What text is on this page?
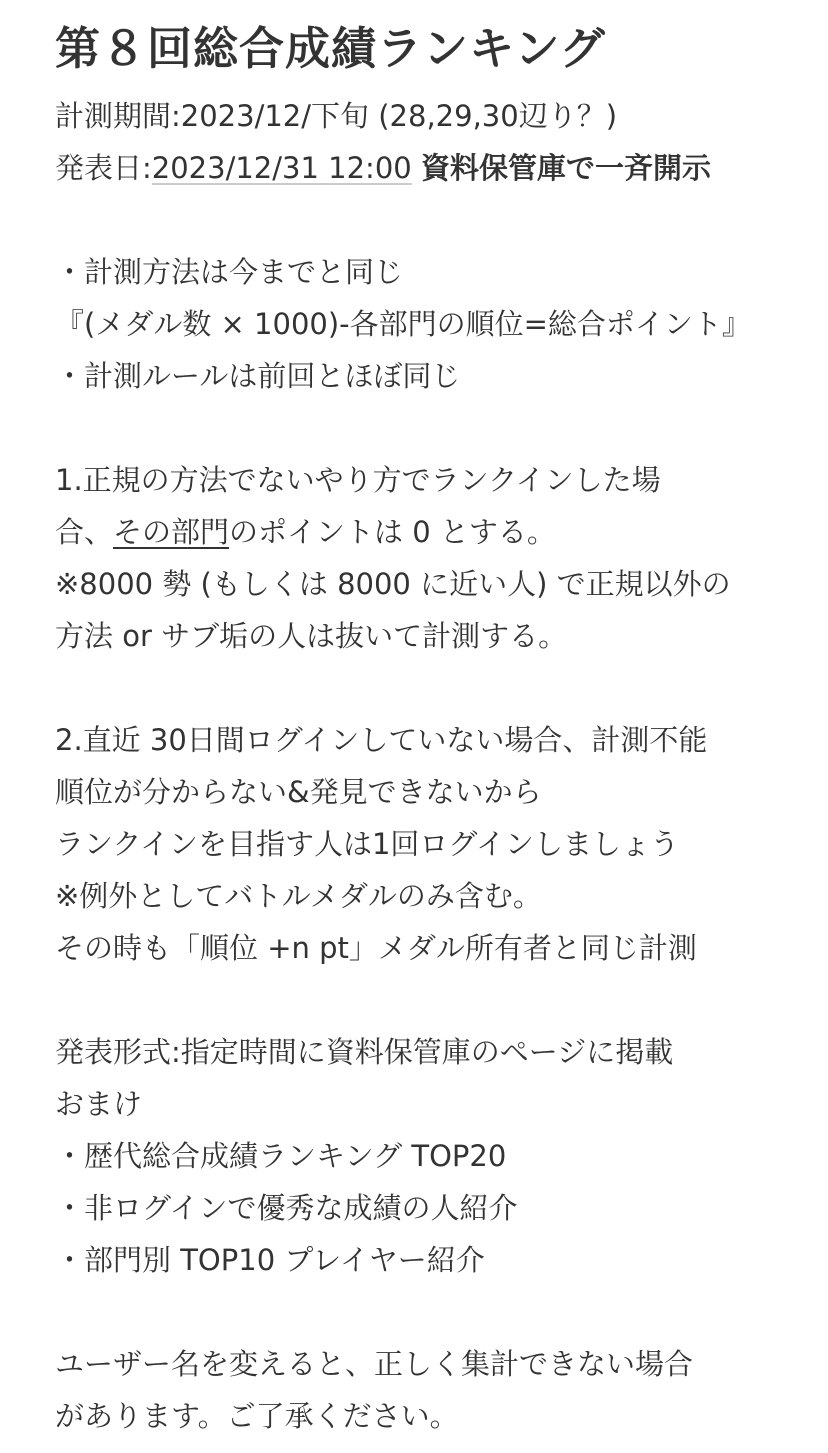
第８回総合成績ランキング
計測期間:2023/12/下旬 (28,29,30辺り？)
発表日:2023/12/31 12:00 資料保管庫で一斉開示
・計測方法は今までと同じ
『(メダル数 × 1000)-各部門の順位=総合ポイント』
・計測ルールは前回とほぼ同じ
1.正規の方法でないやり方でランクインした場
合、その部門のポイントは 0 とする。
※8000 勢 (もしくは 8000 に近い人) で正規以外の
方法 or サブ垢の人は抜いて計測する。
2.直近 30日間ログインしていない場合、計測不能
順位が分からない&発見できないから
ランクインを目指す人は1回ログインしましょう
※例外としてバトルメダルのみ含む。
その時も「順位 +n pt」メダル所有者と同じ計測
発表形式:指定時間に資料保管庫のページに掲載
おまけ
・歴代総合成績ランキング TOP20
・非ログインで優秀な成績の人紹介
・部門別 TOP10 プレイヤー紹介
ユーザー名を変えると、正しく集計できない場合
があります。ご了承ください。
